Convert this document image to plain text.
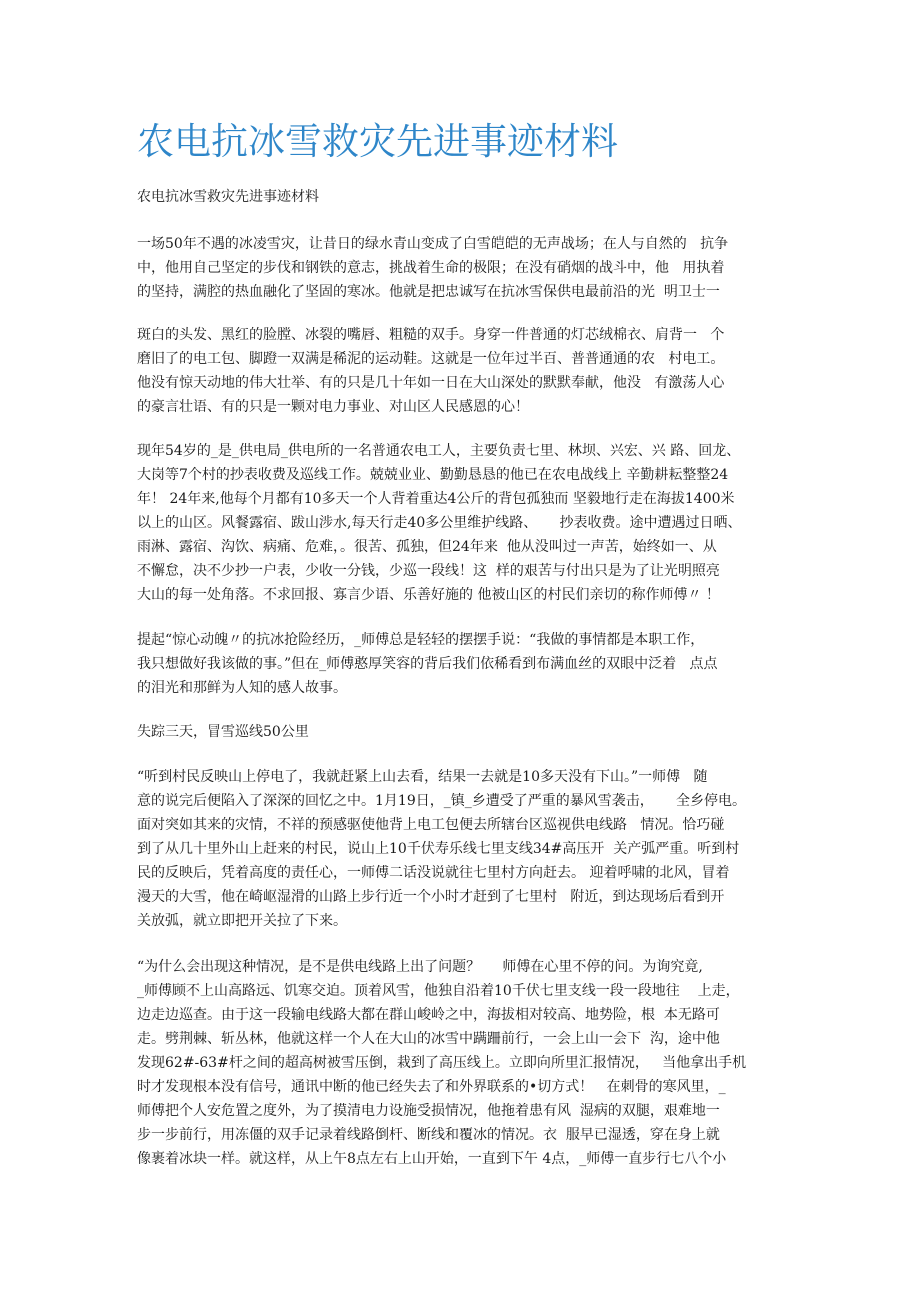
农电抗冰雪救灾先进事迹材料

农电抗冰雪救灾先进事迹材料

一场50年不遇的冰凌雪灾，让昔日的绿水青山变成了白雪皑皑的无声战场；在人与自然的   抗争
中，他用自己坚定的步伐和钢铁的意志，挑战着生命的极限；在没有硝烟的战斗中，他   用执着
的坚持，满腔的热血融化了坚固的寒冰。他就是把忠诚写在抗冰雪保供电最前沿的光  明卫士一

斑白的头发、黑红的脸膛、冰裂的嘴唇、粗糙的双手。身穿一件普通的灯芯绒棉衣、肩背一   个
磨旧了的电工包、脚蹬一双满是稀泥的运动鞋。这就是一位年过半百、普普通通的农   村电工。
他没有惊天动地的伟大壮举、有的只是几十年如一日在大山深处的默默奉献，他没   有激荡人心
的豪言壮语、有的只是一颗对电力事业、对山区人民感恩的心！

现年54岁的_是_供电局_供电所的一名普通农电工人，主要负责七里、林坝、兴宏、兴 路、回龙、
大岗等7个村的抄表收费及巡线工作。兢兢业业、勤勤恳恳的他已在农电战线上 辛勤耕耘整整24
年！ 24年来,他每个月都有10多天一个人背着重达4公斤的背包孤独而 坚毅地行走在海拔1400米
以上的山区。风餐露宿、跋山涉水,每天行走40多公里维护线路、     抄表收费。途中遭遇过日晒、
雨淋、露宿、沟饮、病痛、危难，。很苦、孤独，但24年来  他从没叫过一声苦，始终如一、从
不懈怠，决不少抄一户表，少收一分钱，少巡一段线！这  样的艰苦与付出只是为了让光明照亮
大山的每一处角落。不求回报、寡言少语、乐善好施的 他被山区的村民们亲切的称作师傅〃 ！

提起“惊心动魄〃的抗冰抢险经历，_师傅总是轻轻的摆摆手说：“我做的事情都是本职工作，
我只想做好我该做的事。”但在_师傅憨厚笑容的背后我们依稀看到布满血丝的双眼中泛着   点点
的泪光和那鲜为人知的感人故事。

失踪三天，冒雪巡线50公里

“听到村民反映山上停电了，我就赶紧上山去看，结果一去就是10多天没有下山。”一师傅   随
意的说完后便陷入了深深的回忆之中。1月19日，_镇_乡遭受了严重的暴风雪袭击，     全乡停电。
面对突如其来的灾情，不祥的预感驱使他背上电工包便去所辖台区巡视供电线路   情况。恰巧碰
到了从几十里外山上赶来的村民，说山上10千伏寿乐线七里支线34#高压开  关产弧严重。听到村
民的反映后，凭着高度的责任心，一师傅二话没说就往七里村方向赶去。 迎着呼啸的北风，冒着
漫天的大雪，他在崎岖湿滑的山路上步行近一个小时才赶到了七里村   附近，到达现场后看到开
关放弧，就立即把开关拉了下来。

“为什么会出现这种情况，是不是供电线路上出了问题？     师傅在心里不停的问。为询究竟,
_师傅顾不上山高路远、饥寒交迫。顶着风雪，他独自沿着10千伏七里支线一段一段地往    上走，
边走边巡查。由于这一段输电线路大都在群山峻岭之中，海拔相对较高、地势险，根  本无路可
走。劈荆棘、斩丛林，他就这样一个人在大山的冰雪中蹒跚前行，一会上山一会下  沟，途中他
发现62#-63#杆之间的超高树被雪压倒，栽到了高压线上。立即向所里汇报情况，   当他拿出手机
时才发现根本没有信号，通讯中断的他已经失去了和外界联系的•切方式！   在刺骨的寒风里，_
师傅把个人安危置之度外，为了摸清电力设施受损情况，他拖着患有风  湿病的双腿，艰难地一
步一步前行，用冻僵的双手记录着线路倒杆、断线和覆冰的情况。衣  服早已湿透，穿在身上就
像裹着冰块一样。就这样，从上午8点左右上山开始，一直到下午 4点，_师傅一直步行七八个小
